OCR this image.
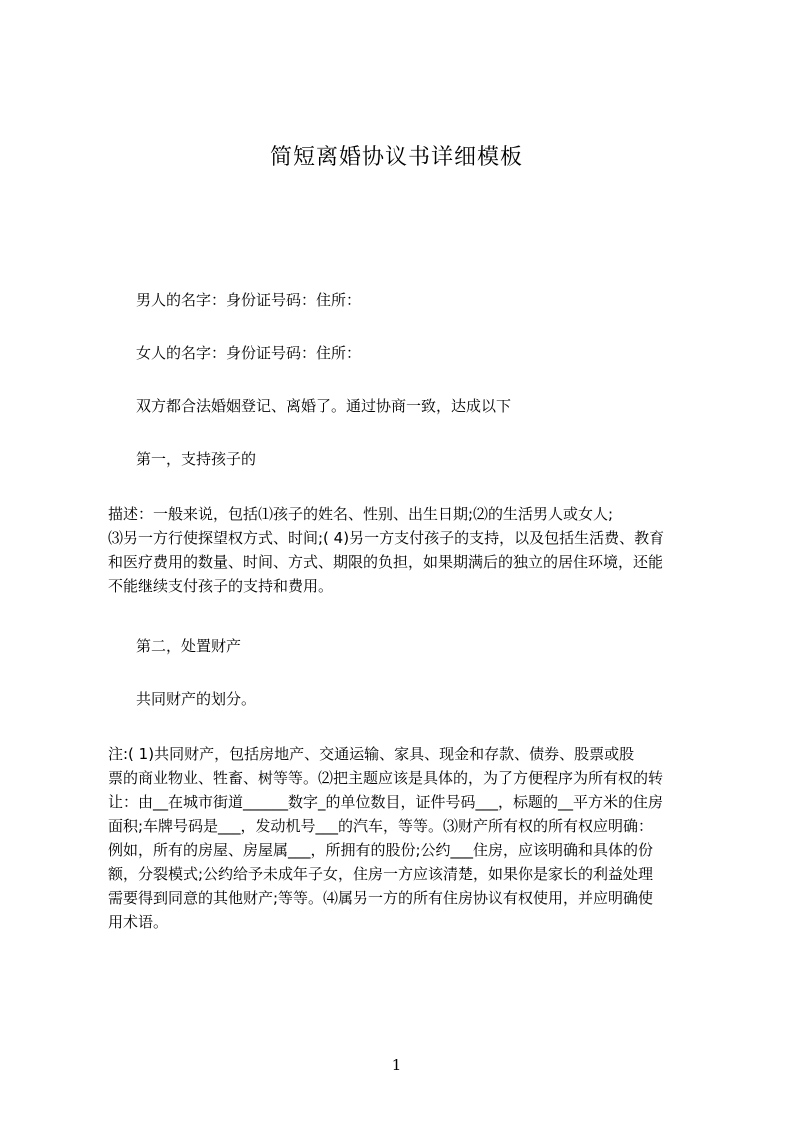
简短离婚协议书详细模板

男人的名字：身份证号码：住所：

女人的名字：身份证号码：住所：

双方都合法婚姻登记、离婚了。通过协商一致，达成以下

第一，支持孩子的

描述：一般来说，包括⑴孩子的姓名、性别、出生日期;⑵的生活男人或女人;
⑶另一方行使探望权方式、时间;( 4)另一方支付孩子的支持，以及包括生活费、教育
和医疗费用的数量、时间、方式、期限的负担，如果期满后的独立的居住环境，还能
不能继续支付孩子的支持和费用。

第二，处置财产

共同财产的划分。

注:( 1)共同财产，包括房地产、交通运输、家具、现金和存款、债券、股票或股
票的商业物业、牲畜、树等等。⑵把主题应该是具体的，为了方便程序为所有权的转
让：由__在城市街道______数字_的单位数目，证件号码___，标题的__平方米的住房
面积;车牌号码是___，发动机号___的汽车，等等。⑶财产所有权的所有权应明确：
例如，所有的房屋、房屋属___，所拥有的股份;公约___住房，应该明确和具体的份
额，分裂模式;公约给予未成年子女，住房一方应该清楚，如果你是家长的利益处理
需要得到同意的其他财产;等等。⑷属另一方的所有住房协议有权使用，并应明确使
用术语。
1
